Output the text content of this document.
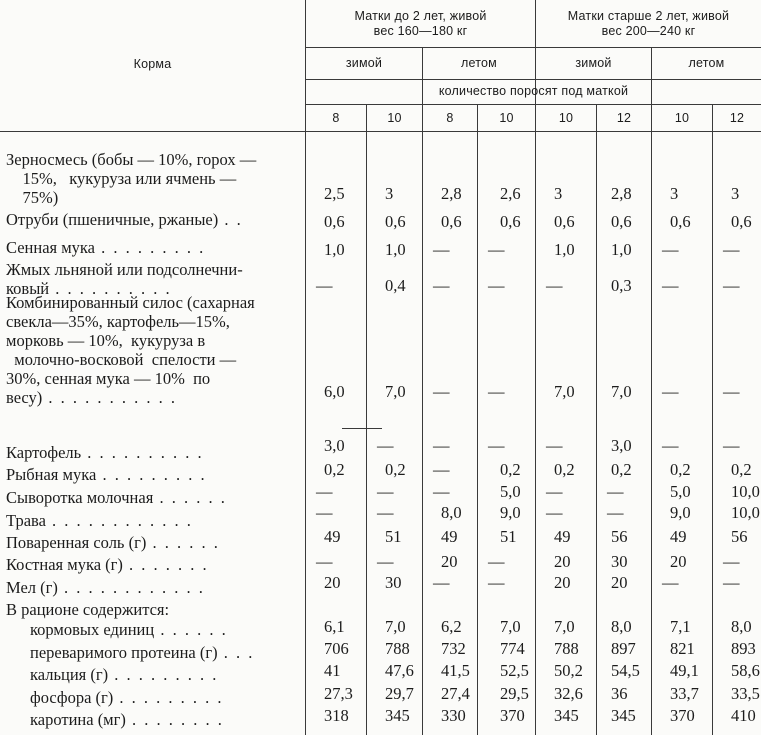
Корма
Матки до 2 лет, живой
вес 160—180 кг
Матки старше 2 лет, живой
вес 200—240 кг
зимой	летом	зимой	летом
количество поросят под маткой
8	10	8	10	10	12	10	12
Зерносмесь (бобы — 10%, горох —
15%,   кукуруза или ячмень —
75%)	2,5 3	2,8 2,6 3	2,8 3	3
Отруби (пшеничные, ржаные) . .	0,6 0,6 0,6 0,6 0,6 0,6 0,6 0,6
Сенная мука . . . . . . . . .	1,0 1,0 — —	1,0 1,0 —	—
Жмых льняной или подсолнечни-
ковый . . . . . . . . . .	—	0,4 — —	—	0,3 —	—
Комбинированный силос (сахарная
свекла—35%, картофель—15%,
морковь — 10%,  кукуруза в
молочно-восковой  спелости —
30%, сенная мука — 10%  по
весу) . . . . . . . . . . .	6,0 7,0 — —	7,0 7,0 —	—
Картофель . . . . . . . . . .	3,0 — — —	—	3,0 —	—
Рыбная мука . . . . . . . . .	0,2 0,2 —	0,2 0,2 0,2 0,2 0,2
Сыворотка молочная . . . . . .	—	— —	5,0 —	—	5,0 10,0
Трава . . . . . . . . . . . .	—	—	8,0 9,0 —	—	9,0 10,0
Поваренная соль (г) . . . . . .	49	51 49	51 49 56	49	56
Костная мука (г) . . . . . . .	—	—	20 —	20 30	20 —
Мел (г) . . . . . . . . . . . .	20	30 — —	20 20 —	—
В рационе содержится:
кормовых единиц . . . . . .	6,1 7,0 6,2 7,0 7,0 8,0 7,1 8,0
переваримого протеина (г) . . .	706 788 732 774 788 897 821 893
кальция (г) . . . . . . . . .	41	47,6 41,5 52,5 50,2 54,5 49,1 58,6
фосфора (г) . . . . . . . . .	27,3 29,7 27,4 29,5 32,6 36	33,7 33,5
каротина (мг) . . . . . . . .	318 345 330 370 345 345 370 410
